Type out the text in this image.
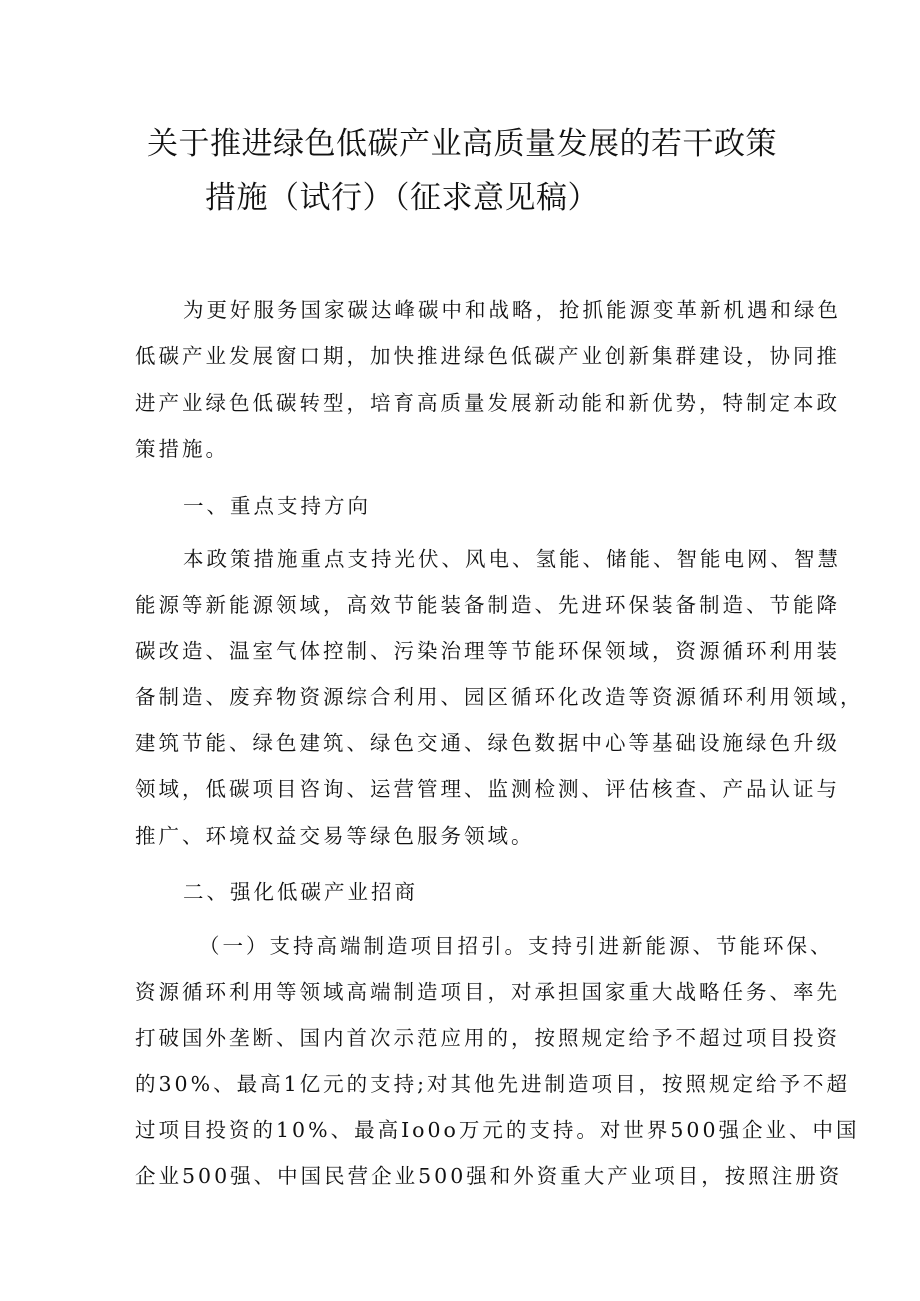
关于推进绿色低碳产业高质量发展的若干政策
措施（试行）（征求意见稿）
为更好服务国家碳达峰碳中和战略，抢抓能源变革新机遇和绿色
低碳产业发展窗口期，加快推进绿色低碳产业创新集群建设，协同推
进产业绿色低碳转型，培育高质量发展新动能和新优势，特制定本政
策措施。
一、重点支持方向
本政策措施重点支持光伏、风电、氢能、储能、智能电网、智慧
能源等新能源领域，高效节能装备制造、先进环保装备制造、节能降
碳改造、温室气体控制、污染治理等节能环保领域，资源循环利用装
备制造、废弃物资源综合利用、园区循环化改造等资源循环利用领域，
建筑节能、绿色建筑、绿色交通、绿色数据中心等基础设施绿色升级
领域，低碳项目咨询、运营管理、监测检测、评估核查、产品认证与
推广、环境权益交易等绿色服务领域。
二、强化低碳产业招商
（一）支持高端制造项目招引。支持引进新能源、节能环保、
资源循环利用等领域高端制造项目，对承担国家重大战略任务、率先
打破国外垄断、国内首次示范应用的，按照规定给予不超过项目投资
的30%、最高1亿元的支持;对其他先进制造项目，按照规定给予不超
过项目投资的10%、最高Io0o万元的支持。对世界500强企业、中国
企业500强、中国民营企业500强和外资重大产业项目，按照注册资
